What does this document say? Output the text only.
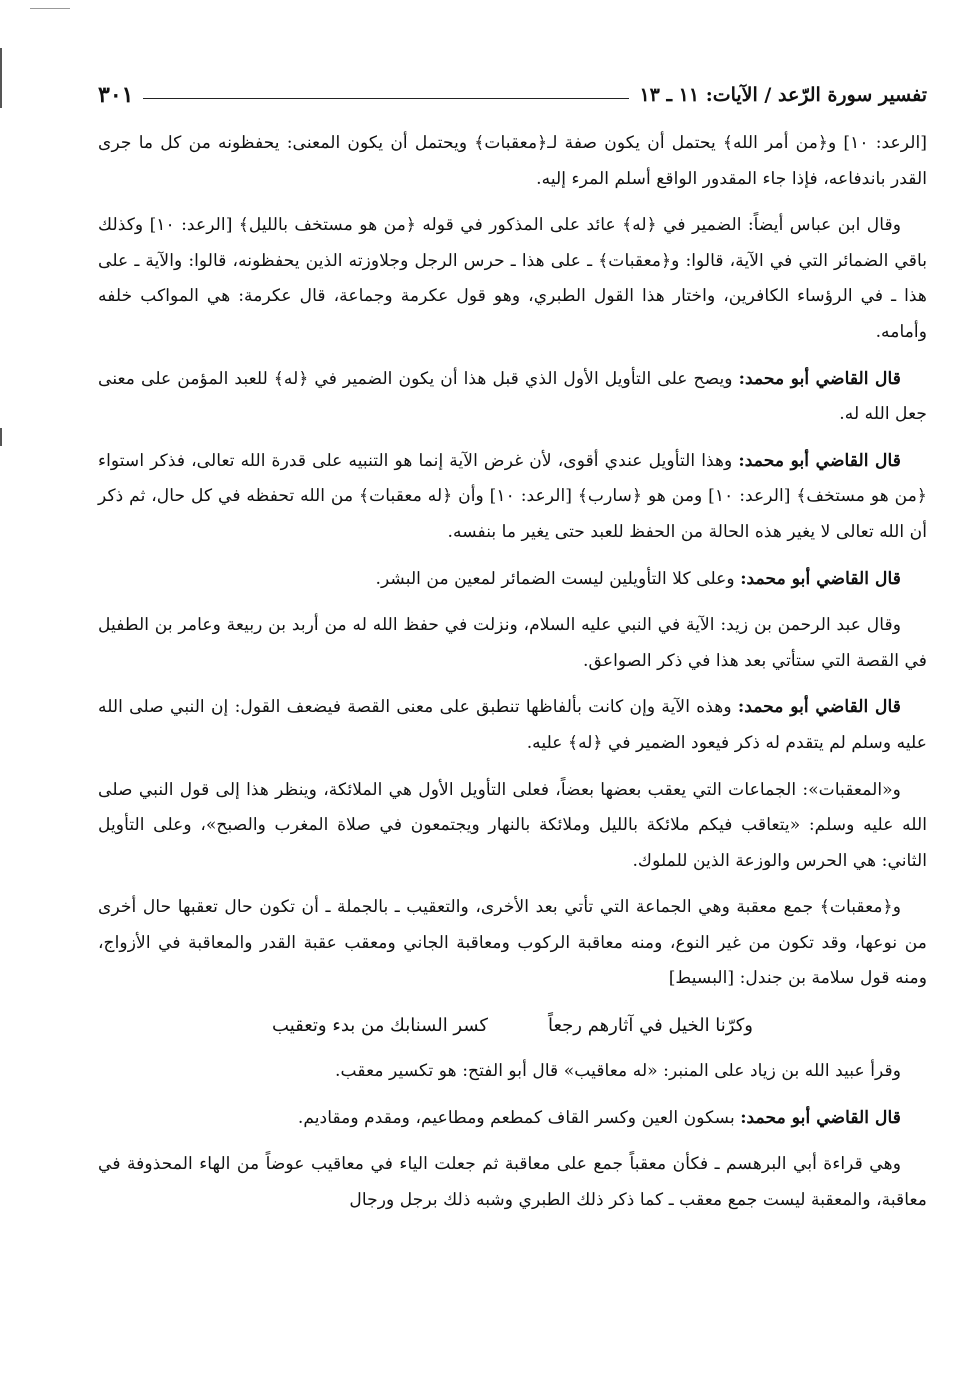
تفسير سورة الرّعد / الآيات: ١١ ـ ١٣
٣٠١

[الرعد: ١٠] و﴿من أمر الله﴾ يحتمل أن يكون صفة لـ﴿معقبات﴾ ويحتمل أن يكون المعنى: يحفظونه من كل ما جرى القدر باندفاعه، فإذا جاء المقدور الواقع أسلم المرء إليه.

وقال ابن عباس أيضاً: الضمير في ﴿له﴾ عائد على المذكور في قوله ﴿من هو مستخف بالليل﴾ [الرعد: ١٠] وكذلك باقي الضمائر التي في الآية، قالوا: و﴿معقبات﴾ ـ على هذا ـ حرس الرجل وجلاوزته الذين يحفظونه، قالوا: والآية ـ على هذا ـ في الرؤساء الكافرين، واختار هذا القول الطبري، وهو قول عكرمة وجماعة، قال عكرمة: هي المواكب خلفه وأمامه.

قال القاضي أبو محمد: ويصح على التأويل الأول الذي قبل هذا أن يكون الضمير في ﴿له﴾ للعبد المؤمن على معنى جعل الله له.

قال القاضي أبو محمد: وهذا التأويل عندي أقوى، لأن غرض الآية إنما هو التنبيه على قدرة الله تعالى، فذكر استواء ﴿من هو مستخف﴾ [الرعد: ١٠] ومن هو ﴿سارب﴾ [الرعد: ١٠] وأن ﴿له معقبات﴾ من الله تحفظه في كل حال، ثم ذكر أن الله تعالى لا يغير هذه الحالة من الحفظ للعبد حتى يغير ما بنفسه.

قال القاضي أبو محمد: وعلى كلا التأويلين ليست الضمائر لمعين من البشر.

وقال عبد الرحمن بن زيد: الآية في النبي عليه السلام، ونزلت في حفظ الله له من أربد بن ربيعة وعامر بن الطفيل في القصة التي ستأتي بعد هذا في ذكر الصواعق.

قال القاضي أبو محمد: وهذه الآية وإن كانت بألفاظها تنطبق على معنى القصة فيضعف القول: إن النبي صلى الله عليه وسلم لم يتقدم له ذكر فيعود الضمير في ﴿له﴾ عليه.

و«المعقبات»: الجماعات التي يعقب بعضها بعضاً، فعلى التأويل الأول هي الملائكة، وينظر هذا إلى قول النبي صلى الله عليه وسلم: «يتعاقب فيكم ملائكة بالليل وملائكة بالنهار ويجتمعون في صلاة المغرب والصبح»، وعلى التأويل الثاني: هي الحرس والوزعة الذين للملوك.

و﴿معقبات﴾ جمع معقبة وهي الجماعة التي تأتي بعد الأخرى، والتعقيب ـ بالجملة ـ أن تكون حال تعقبها حال أخرى من نوعها، وقد تكون من غير النوع، ومنه معاقبة الركوب ومعاقبة الجاني ومعقب عقبة القدر والمعاقبة في الأزواج، ومنه قول سلامة بن جندل: [البسيط]

وكرّنا الخيل في آثارهم رجعاً
كسر السنابك من بدء وتعقيب

وقرأ عبيد الله بن زياد على المنبر: «له معاقيب» قال أبو الفتح: هو تكسير معقب.

قال القاضي أبو محمد: بسكون العين وكسر القاف كمطعم ومطاعيم، ومقدم ومقاديم.

وهي قراءة أبي البرهسم ـ فكأن معقباً جمع على معاقبة ثم جعلت الياء في معاقيب عوضاً من الهاء المحذوفة في معاقبة، والمعقبة ليست جمع معقب ـ كما ذكر ذلك الطبري وشبه ذلك برجل ورجال
